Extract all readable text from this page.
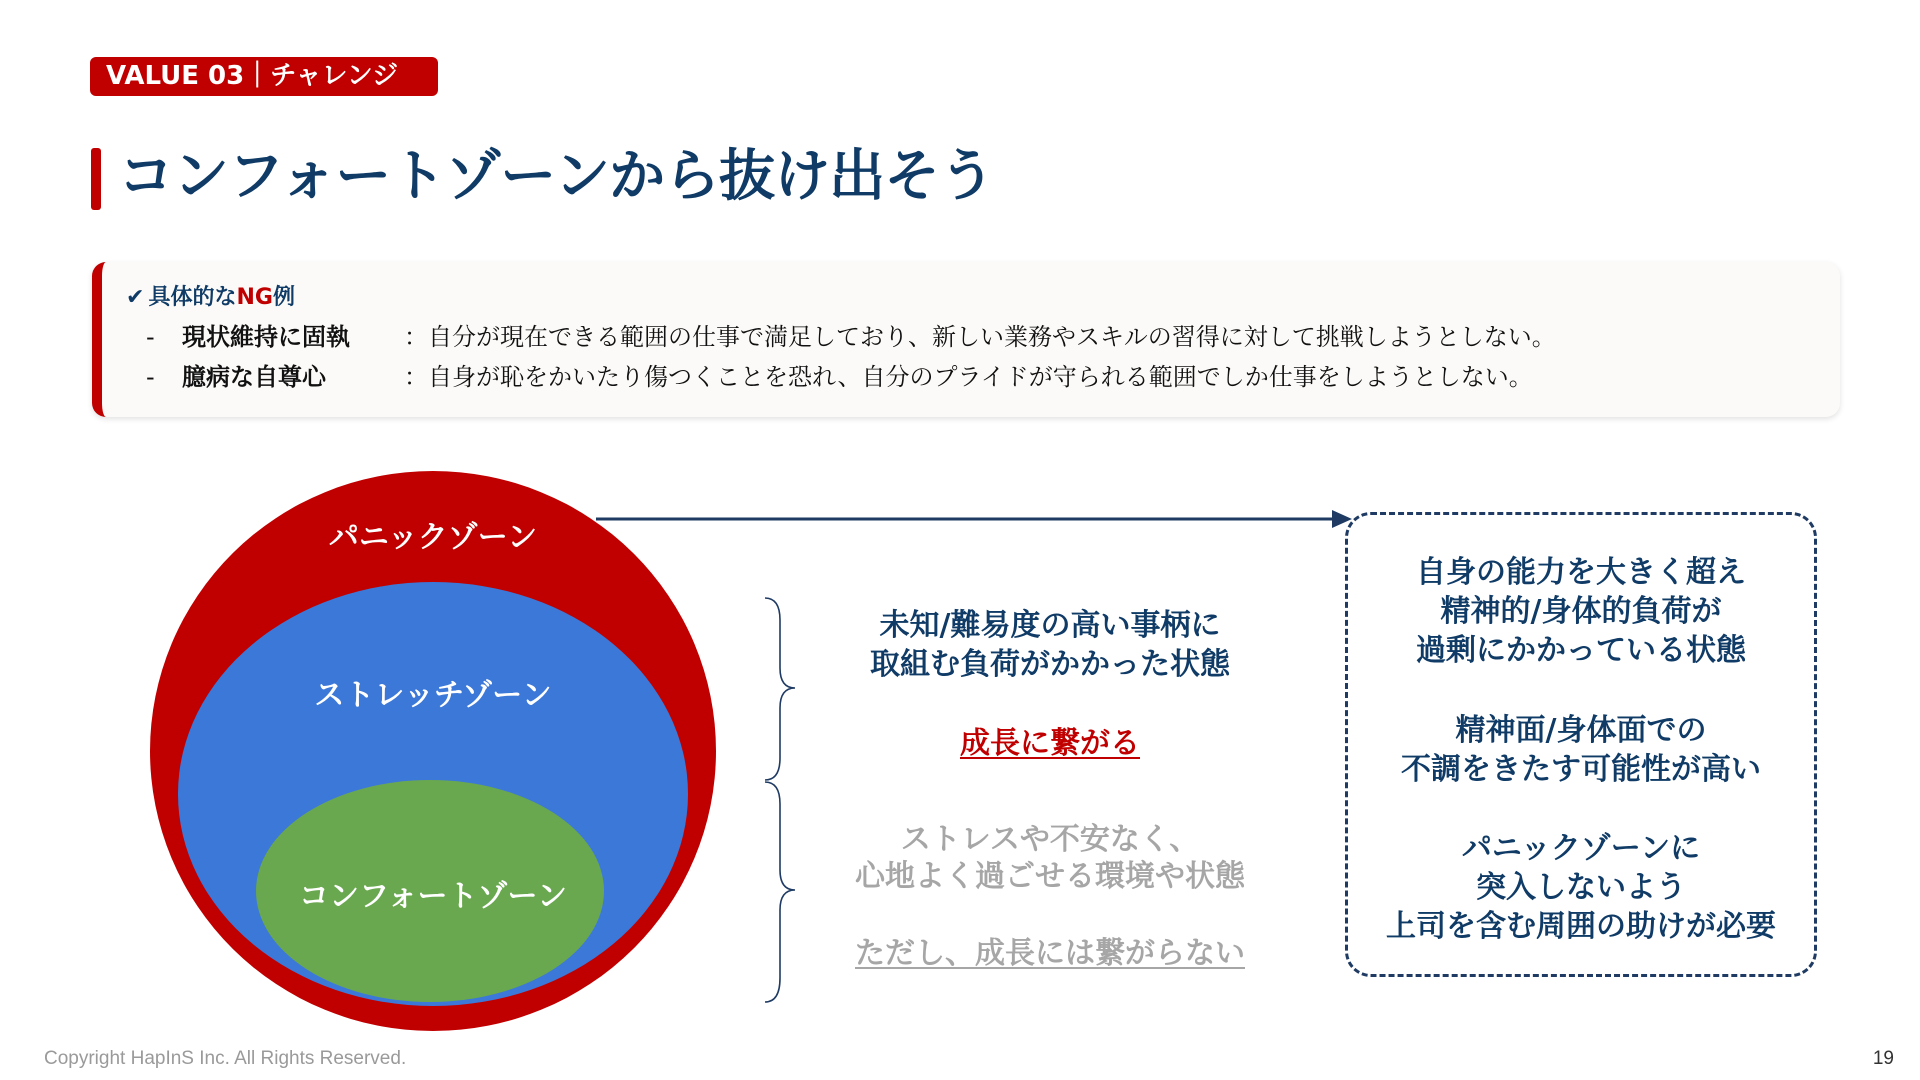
VALUE 03｜チャレンジ
コンフォートゾーンから抜け出そう
✔ 具体的なNG例
- 現状維持に固執 ：自分が現在できる範囲の仕事で満足しており、新しい業務やスキルの習得に対して挑戦しようとしない。
- 臆病な自尊心	：自身が恥をかいたり傷つくことを恐れ、自分のプライドが守られる範囲でしか仕事をしようとしない。
パニックゾーン
ストレッチゾーン
コンフォートゾーン
未知/難易度の高い事柄に
取組む負荷がかかった状態
成長に繋がる
ストレスや不安なく、
心地よく過ごせる環境や状態
ただし、成長には繋がらない
自身の能力を大きく超え
精神的/身体的負荷が
過剰にかかっている状態
精神面/身体面での
不調をきたす可能性が高い
パニックゾーンに
突入しないよう
上司を含む周囲の助けが必要
Copyright HapInS Inc. All Rights Reserved.	19
